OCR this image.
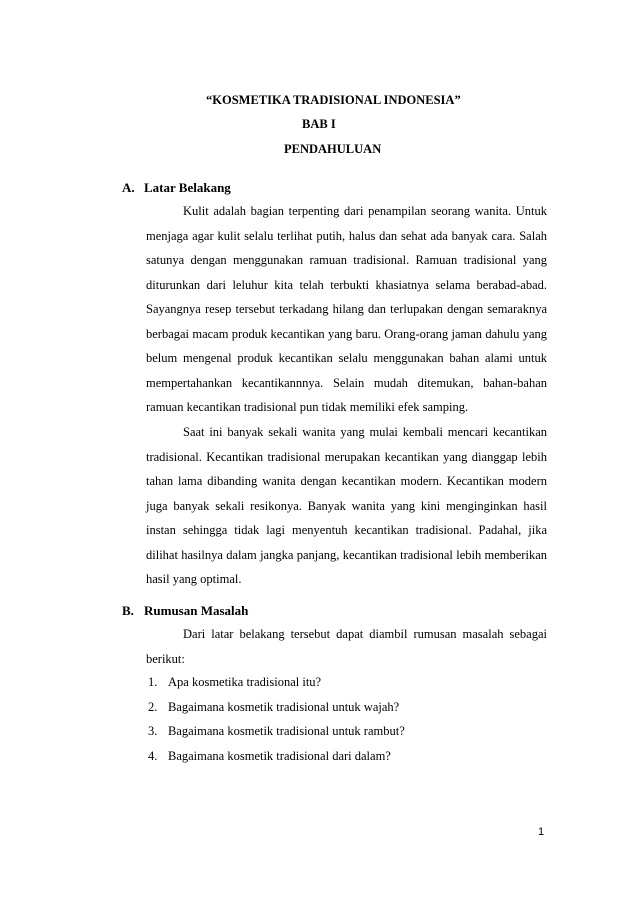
“KOSMETIKA TRADISIONAL INDONESIA”
BAB I
PENDAHULUAN
A. Latar Belakang

Kulit adalah bagian terpenting dari penampilan seorang wanita. Untuk menjaga agar kulit selalu terlihat putih, halus dan sehat ada banyak cara. Salah satunya dengan menggunakan ramuan tradisional. Ramuan tradisional yang diturunkan dari leluhur kita telah terbukti khasiatnya selama berabad-abad. Sayangnya resep tersebut terkadang hilang dan terlupakan dengan semaraknya berbagai macam produk kecantikan yang baru. Orang-orang jaman dahulu yang belum mengenal produk kecantikan selalu menggunakan bahan alami untuk mempertahankan kecantikannnya. Selain mudah ditemukan, bahan-bahan ramuan kecantikan tradisional pun tidak memiliki efek samping.

Saat ini banyak sekali wanita yang mulai kembali mencari kecantikan tradisional. Kecantikan tradisional merupakan kecantikan yang dianggap lebih tahan lama dibanding wanita dengan kecantikan modern. Kecantikan modern juga banyak sekali resikonya. Banyak wanita yang kini menginginkan hasil instan sehingga tidak lagi menyentuh kecantikan tradisional. Padahal, jika dilihat hasilnya dalam jangka panjang, kecantikan tradisional lebih memberikan hasil yang optimal.

B. Rumusan Masalah

Dari latar belakang tersebut dapat diambil rumusan masalah sebagai berikut:

1. Apa kosmetika tradisional itu?
2. Bagaimana kosmetik tradisional untuk wajah?
3. Bagaimana kosmetik tradisional untuk rambut?
4. Bagaimana kosmetik tradisional dari dalam?
1
